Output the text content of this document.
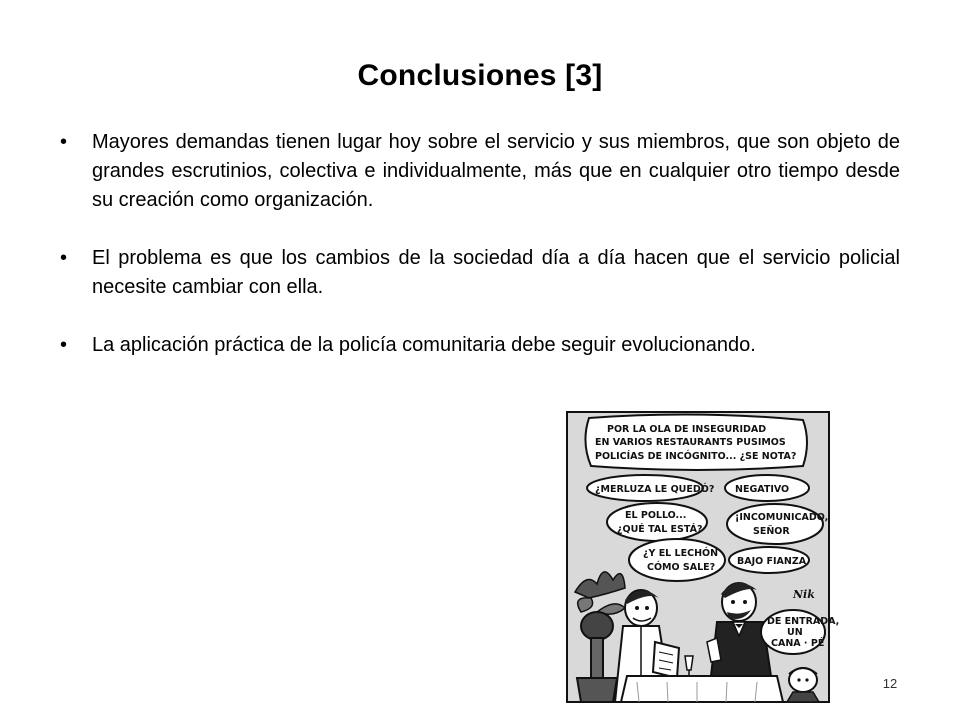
Conclusiones [3]
•	Mayores demandas tienen lugar hoy sobre el servicio y sus miembros, que son objeto de grandes escrutinios, colectiva e individualmente, más que en cualquier otro tiempo desde su creación como organización.
•	El problema es que los cambios de la sociedad día a día hacen que el servicio policial necesite cambiar con ella.
•	La aplicación práctica de la policía comunitaria debe seguir evolucionando.
POR LA OLA DE INSEGURIDAD
EN VARIOS RESTAURANTS PUSIMOS
POLICÍAS DE INCÓGNITO... ¿SE NOTA?
¿MERLUZA LE QUEDÓ? NEGATIVO
EL POLLO...
¿QUÉ TAL ESTÁ?
¡INCOMUNICADO,
SEÑOR
¿Y EL LECHÓN
CÓMO SALE?
BAJO FIANZA
Nik
DE ENTRADA,
UN
CANA · PÉ
12
